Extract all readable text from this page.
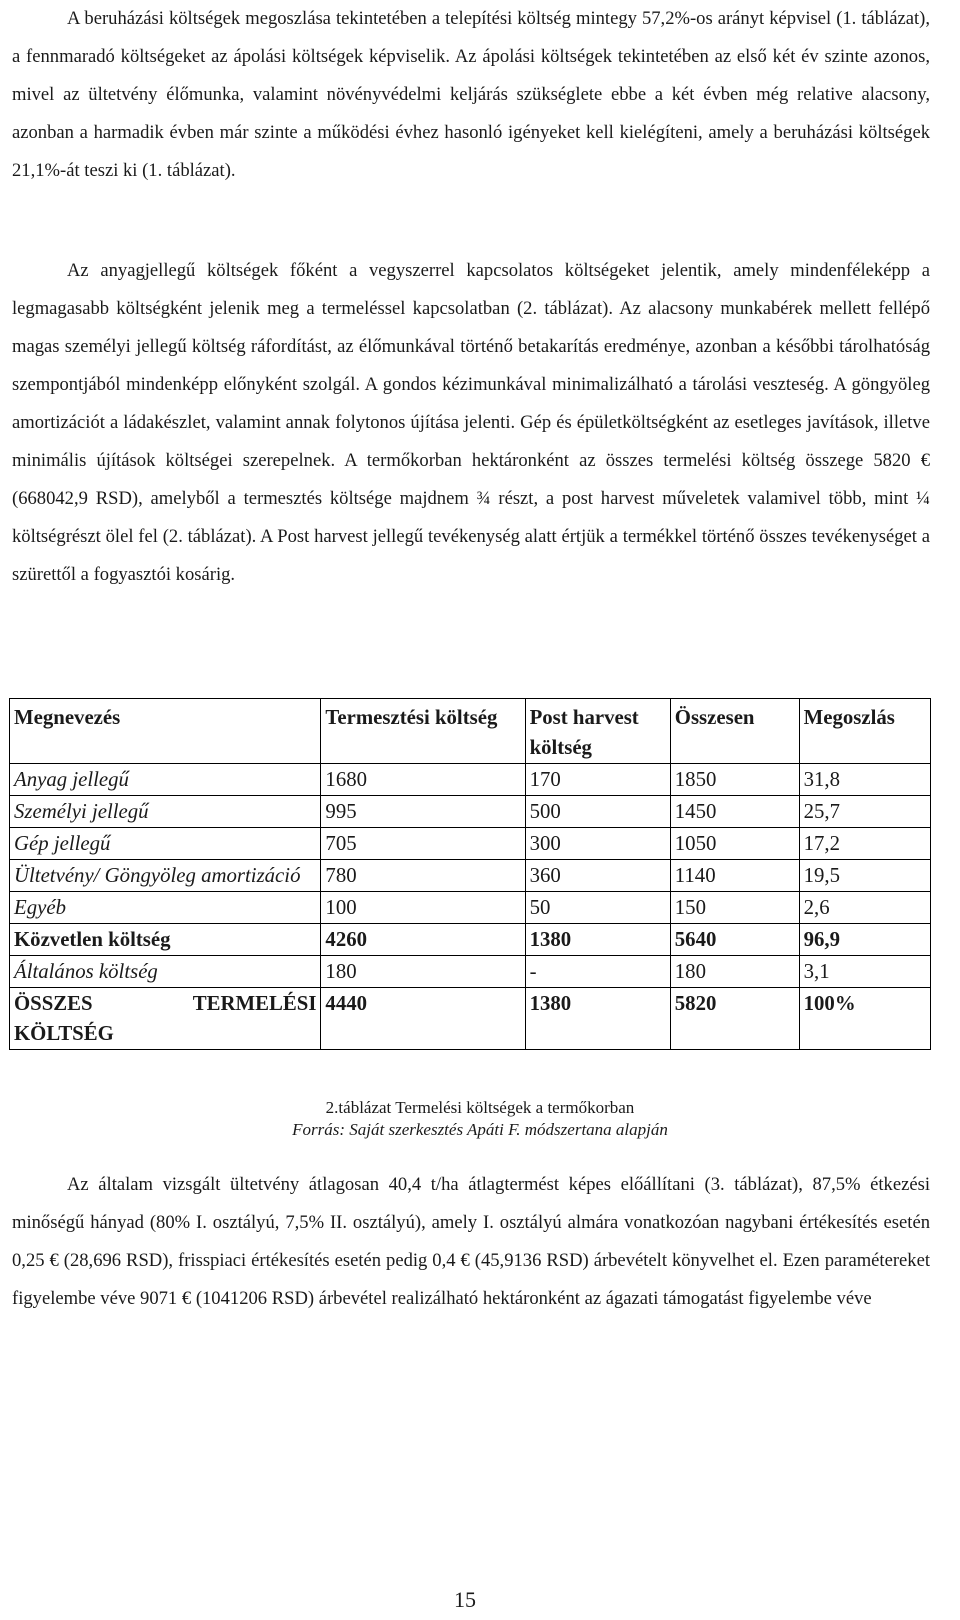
A beruházási költségek megoszlása tekintetében a telepítési költség mintegy 57,2%-os arányt képvisel (1. táblázat), a fennmaradó költségeket az ápolási költségek képviselik. Az ápolási költségek tekintetében az első két év szinte azonos, mivel az ültetvény élőmunka, valamint növényvédelmi keljárás szükséglete ebbe a két évben még relative alacsony, azonban a harmadik évben már szinte a működési évhez hasonló igényeket kell kielégíteni, amely a beruházási költségek 21,1%-át teszi ki (1. táblázat).

Az anyagjellegű költségek főként a vegyszerrel kapcsolatos költségeket jelentik, amely mindenféleképp a legmagasabb költségként jelenik meg a termeléssel kapcsolatban (2. táblázat). Az alacsony munkabérek mellett fellépő magas személyi jellegű költség ráfordítást, az élőmunkával történő betakarítás eredménye, azonban a későbbi tárolhatóság szempontjából mindenképp előnyként szolgál. A gondos kézimunkával minimalizálható a tárolási veszteség. A göngyöleg amortizációt a ládakészlet, valamint annak folytonos újítása jelenti. Gép és épületköltségként az esetleges javítások, illetve minimális újítások költségei szerepelnek. A termőkorban hektáronként az összes termelési költség összege 5820 € (668042,9 RSD), amelyből a termesztés költsége majdnem ¾ részt, a post harvest műveletek valamivel több, mint ¼ költségrészt ölel fel (2. táblázat). A Post harvest jellegű tevékenység alatt értjük a termékkel történő összes tevékenységet a szürettől a fogyasztói kosárig.

Megnevezés	Termesztési költség	Post harvest költség	Összesen	Megoszlás
Anyag jellegű	1680	170	1850	31,8
Személyi jellegű	995	500	1450	25,7
Gép jellegű	705	300	1050	17,2
Ültetvény/ Göngyöleg amortizáció	780	360	1140	19,5
Egyéb	100	50	150	2,6
Közvetlen költség	4260	1380	5640	96,9
Általános költség	180	-	180	3,1
ÖSSZES TERMELÉSI KÖLTSÉG	4440	1380	5820	100%
2.táblázat Termelési költségek a termőkorban
Forrás: Saját szerkesztés Apáti F. módszertana alapján

Az általam vizsgált ültetvény átlagosan 40,4 t/ha átlagtermést képes előállítani (3. táblázat), 87,5% étkezési minőségű hányad (80% I. osztályú, 7,5% II. osztályú), amely I. osztályú almára vonatkozóan nagybani értékesítés esetén 0,25 € (28,696 RSD), frisspiaci értékesítés esetén pedig 0,4 € (45,9136 RSD) árbevételt könyvelhet el. Ezen paramétereket figyelembe véve 9071 € (1041206 RSD) árbevétel realizálható hektáronként az ágazati támogatást figyelembe véve

15
